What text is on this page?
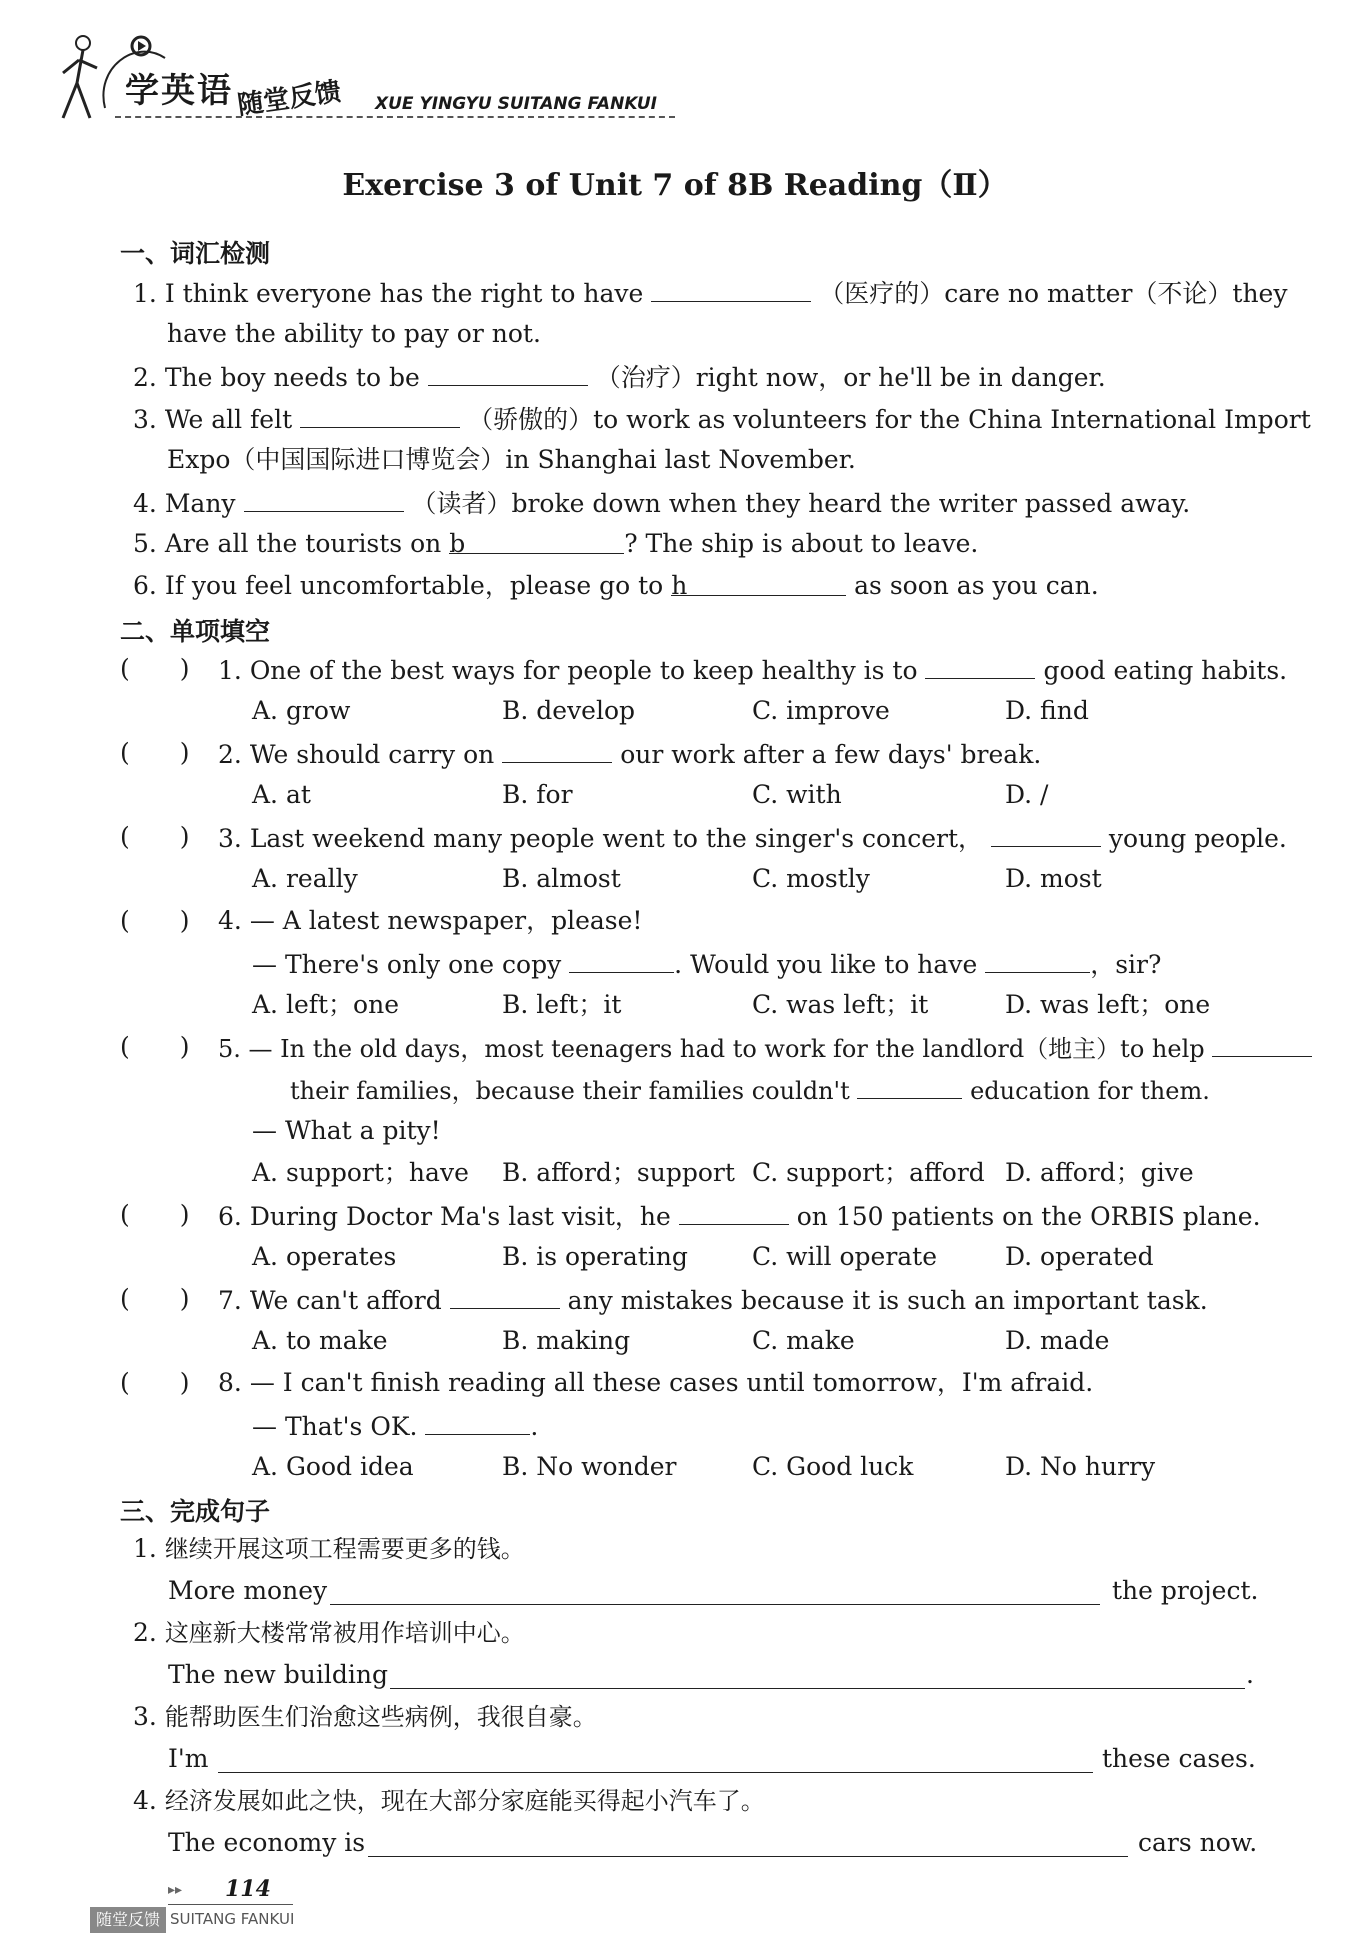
学英语 随堂反馈 XUE YINGYU SUITANG FANKUI
Exercise 3 of Unit 7 of 8B Reading（Ⅱ）
一、词汇检测
1. I think everyone has the right to have	（医疗的）care no matter（不论）they
have the ability to pay or not.
2. The boy needs to be	（治疗）right now，or he'll be in danger.
3. We all felt	（骄傲的）to work as volunteers for the China International Import
Expo（中国国际进口博览会）in Shanghai last November.
4. Many	（读者）broke down when they heard the writer passed away.
5. Are all the tourists on b	? The ship is about to leave.
6. If you feel uncomfortable，please go to h	as soon as you can.
二、单项填空
(　　) 1. One of the best ways for people to keep healthy is to	good eating habits.
A. grow	B. develop	C. improve	D. find
(　　) 2. We should carry on	our work after a few days' break.
A. at	B. for	C. with	D. /
(　　) 3. Last weekend many people went to the singer's concert，	young people.
A. really	B. almost	C. mostly	D. most
(　　) 4. — A latest newspaper，please!
— There's only one copy	. Would you like to have	，sir?
A. left；one	B. left；it	C. was left；it	D. was left；one
(　　) 5. — In the old days，most teenagers had to work for the landlord（地主）to help
their families，because their families couldn't	education for them.
— What a pity!
A. support；have B. afford；support C. support；afford D. afford；give
(　　) 6. During Doctor Ma's last visit，he	on 150 patients on the ORBIS plane.
A. operates	B. is operating	C. will operate	D. operated
(　　) 7. We can't afford	any mistakes because it is such an important task.
A. to make	B. making	C. make	D. made
(　　) 8. — I can't finish reading all these cases until tomorrow，I'm afraid.
— That's OK.	.
A. Good idea	B. No wonder	C. Good luck	D. No hurry
三、完成句子
1. 继续开展这项工程需要更多的钱。
More money	the project.
2. 这座新大楼常常被用作培训中心。
The new building	.
3. 能帮助医生们治愈这些病例，我很自豪。
I'm	these cases.
4. 经济发展如此之快，现在大部分家庭能买得起小汽车了。
The economy is	cars now.
▸▸ 114
随堂反馈 SUITANG FANKUI
